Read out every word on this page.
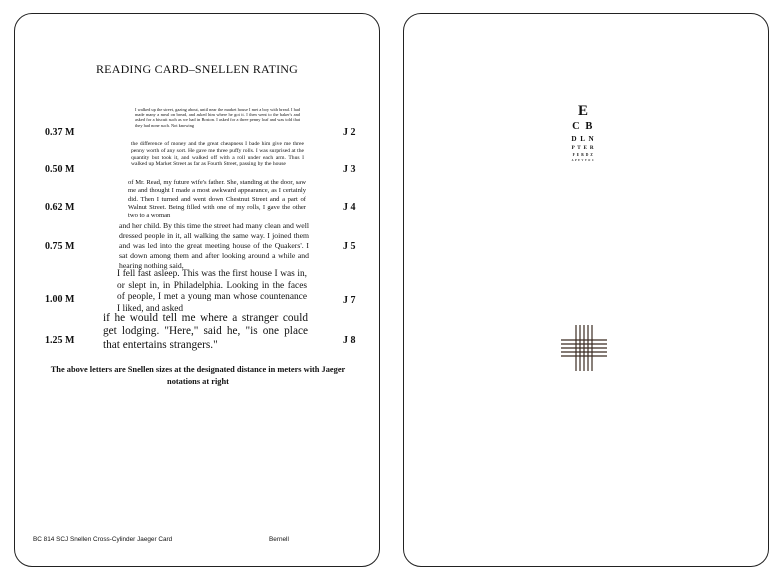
READING CARD–SNELLEN RATING
0.37 M

I walked up the street, gazing about, until near the market house I met a boy with bread. I had made many a meal on bread, and asked him where he got it. I then went to the baker's and asked for a biscuit such as we had in Boston. I asked for a three penny loaf and was told that they had none such. Not knowing

J 2
0.50 M

the difference of money and the great cheapness I bade him give me three penny worth of any sort. He gave me three puffy rolls. I was surprised at the quantity but took it, and walked off with a roll under each arm. Thus I walked up Market Street as far as Fourth Street, passing by the house	J 3
0.62 M

of Mr. Read, my future wife's father. She, standing at the door, saw me and thought I made a most awkward appearance, as I certainly did. Then I turned and went down Chestnut Street and a part of Walnut Street. Being filled with one of my rolls, I gave the other two to a woman

J 4
0.75 M

and her child. By this time the street had many clean and well dressed people in it, all walking the same way. I joined them and was led into the great meeting house of the Quakers'. I sat down among them and after looking around a while and hearing nothing said,

J 5
1.00 M

I fell fast asleep. This was the first house I was in, or slept in, in Philadelphia. Looking in the faces of people, I met a young man whose countenance I liked, and asked

J 7
1.25 M

if he would tell me where a stranger could get lodging. "Here," said he, "is one place that entertains strangers."	J 8
The above letters are Snellen sizes at the designated distance in meters with Jaeger notations at right
BC 814 SCJ Snellen Cross-Cylinder Jaeger Card	Bernell
E
C B
D L N
P T E R
F E B D Z
A P E V Y O C
